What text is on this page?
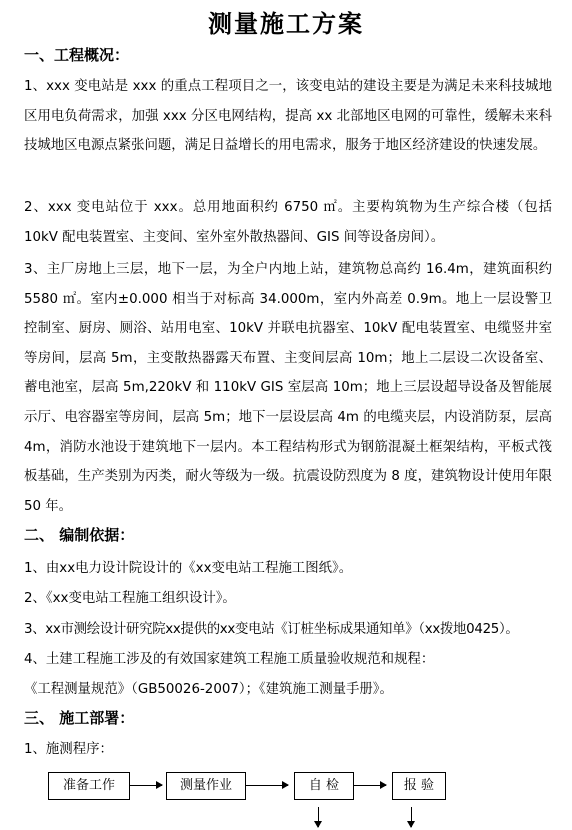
测量施工方案
一、工程概况：
1、xxx 变电站是 xxx 的重点工程项目之一，该变电站的建设主要是为满足未来科技城地区用电负荷需求，加强 xxx 分区电网结构，提高 xx 北部地区电网的可靠性，缓解未来科技城地区电源点紧张问题，满足日益增长的用电需求，服务于地区经济建设的快速发展。
2、xxx 变电站位于 xxx。总用地面积约 6750 ㎡。主要构筑物为生产综合楼（包括 10kV 配电装置室、主变间、室外室外散热器间、GIS 间等设备房间）。
3、主厂房地上三层，地下一层，为全户内地上站，建筑物总高约 16.4m，建筑面积约 5580 ㎡。室内±0.000 相当于对标高 34.000m，室内外高差 0.9m。地上一层设警卫控制室、厨房、厕浴、站用电室、10kV 并联电抗器室、10kV 配电装置室、电缆竖井室等房间，层高 5m，主变散热器露天布置、主变间层高 10m；地上二层设二次设备室、蓄电池室，层高 5m,220kV 和 110kV GIS 室层高 10m；地上三层设超导设备及智能展示厅、电容器室等房间，层高 5m；地下一层设层高 4m 的电缆夹层，内设消防泵，层高 4m，消防水池设于建筑地下一层内。本工程结构形式为钢筋混凝土框架结构，平板式筏板基础，生产类别为丙类，耐火等级为一级。抗震设防烈度为 8 度，建筑物设计使用年限 50 年。
二、 编制依据：
1、由xx电力设计院设计的《xx变电站工程施工图纸》。
2、《xx变电站工程施工组织设计》。
3、xx市测绘设计研究院xx提供的xx变电站《订桩坐标成果通知单》（xx拨地0425）。
4、土建工程施工涉及的有效国家建筑工程施工质量验收规范和规程：
《工程测量规范》（GB50026-2007）；《建筑施工测量手册》。
三、 施工部署：
1、施测程序：
准备工作	测量作业	自 检	报 验
